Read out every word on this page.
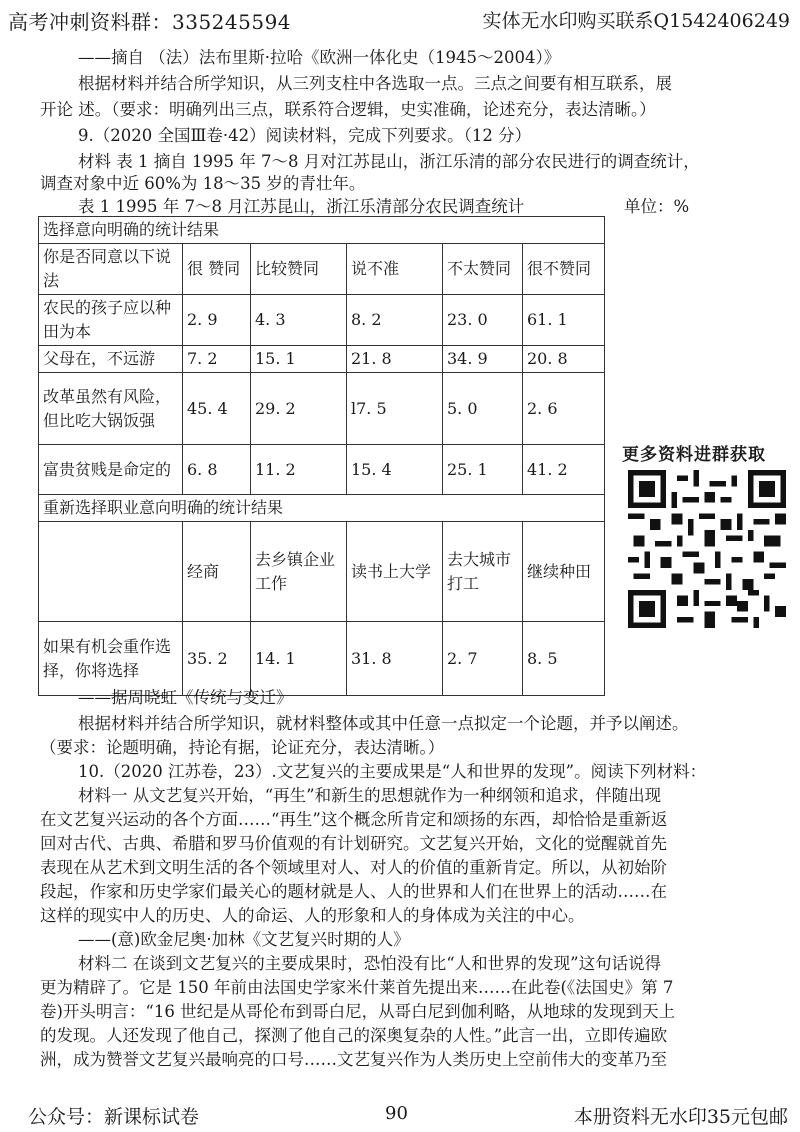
高考冲刺资料群：335245594	实体无水印购买联系Q1542406249
——摘自 （法）法布里斯·拉哈《欧洲一体化史（1945～2004）》
根据材料并结合所学知识，从三列支柱中各选取一点。三点之间要有相互联系，展
开论 述。（要求：明确列出三点，联系符合逻辑，史实准确，论述充分，表达清晰。）
9.（2020 全国Ⅲ卷·42）阅读材料，完成下列要求。（12 分）
材料 表 1 摘自 1995 年 7～8 月对江苏昆山，浙江乐清的部分农民进行的调查统计，
调查对象中近 60%为 18～35 岁的青壮年。
表 1 1995 年 7～8 月江苏昆山，浙江乐清部分农民调查统计	单位：%
选择意向明确的统计结果					
你是否同意以下说法	很 赞同	比较赞同	说不准	不太赞同	很不赞同
农民的孩子应以种田为本	2. 9	4. 3	8. 2	23. 0	61. 1
父母在，不远游	7. 2	15. 1	21. 8	34. 9	20. 8
改革虽然有风险，但比吃大锅饭强	45. 4	29. 2	l7. 5	5. 0	2. 6
富贵贫贱是命定的	6. 8	11. 2	15. 4	25. 1	41. 2
重新选择职业意向明确的统计结果					
	经商	去乡镇企业工作	读书上大学	去大城市打工	继续种田
如果有机会重作选择，你将选择	35. 2	14. 1	31. 8	2. 7	8. 5
更多资料进群获取
——据周晓虹《传统与变迁》
根据材料并结合所学知识，就材料整体或其中任意一点拟定一个论题，并予以阐述。
（要求：论题明确，持论有据，论证充分，表达清晰。）
10.（2020 江苏卷，23）.文艺复兴的主要成果是“人和世界的发现”。阅读下列材料：
材料一 从文艺复兴开始，“再生”和新生的思想就作为一种纲领和追求，伴随出现
在文艺复兴运动的各个方面……“再生”这个概念所肯定和颂扬的东西，却恰恰是重新返
回对古代、古典、希腊和罗马价值观的有计划研究。文艺复兴开始，文化的觉醒就首先
表现在从艺术到文明生活的各个领域里对人、对人的价值的重新肯定。所以，从初始阶
段起，作家和历史学家们最关心的题材就是人、人的世界和人们在世界上的活动……在
这样的现实中人的历史、人的命运、人的形象和人的身体成为关注的中心。
——(意)欧金尼奥·加林《文艺复兴时期的人》
材料二 在谈到文艺复兴的主要成果时，恐怕没有比“人和世界的发现”这句话说得
更为精辟了。它是 150 年前由法国史学家米什莱首先提出来……在此卷(《法国史》第 7
卷)开头明言：“16 世纪是从哥伦布到哥白尼，从哥白尼到伽利略，从地球的发现到天上
的发现。人还发现了他自己，探测了他自己的深奥复杂的人性。”此言一出，立即传遍欧
洲，成为赞誉文艺复兴最响亮的口号……文艺复兴作为人类历史上空前伟大的变革乃至
公众号：新课标试卷	90	本册资料无水印35元包邮
